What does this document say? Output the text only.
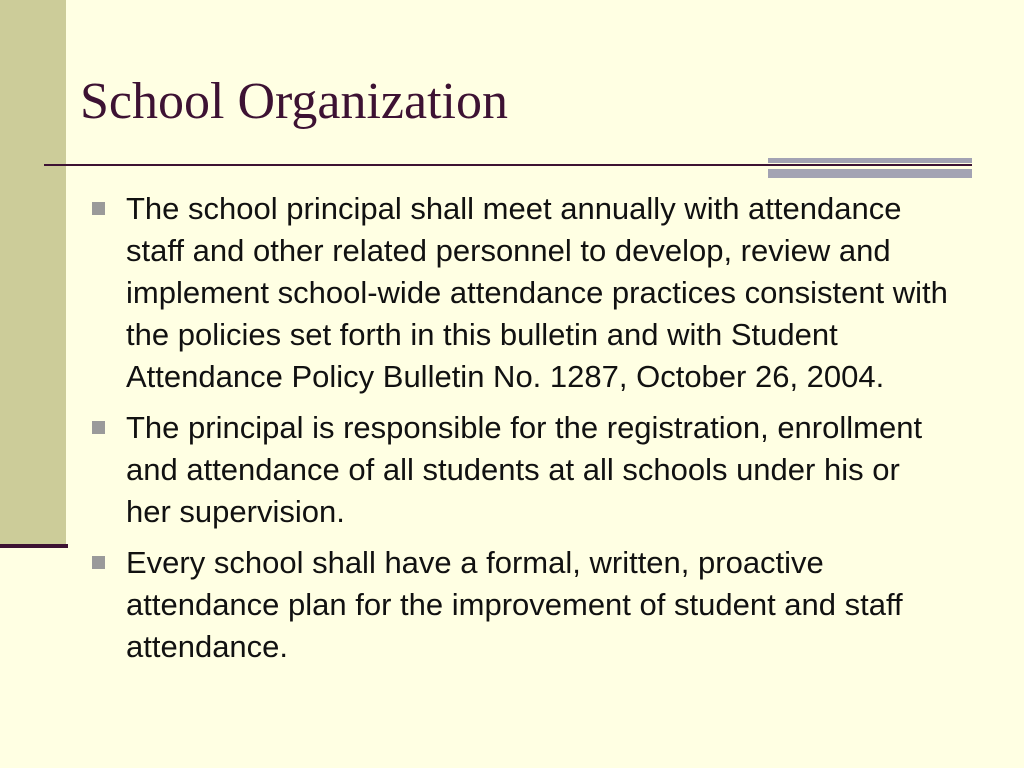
School Organization
The school principal shall meet annually with attendance staff and other related personnel to develop, review and implement school-wide attendance practices consistent with the policies set forth in this bulletin and with Student Attendance Policy Bulletin No. 1287, October 26, 2004.
The principal is responsible for the registration, enrollment and attendance of all students at all schools under his or her supervision.
Every school shall have a formal, written, proactive attendance plan for the improvement of student and staff attendance.
